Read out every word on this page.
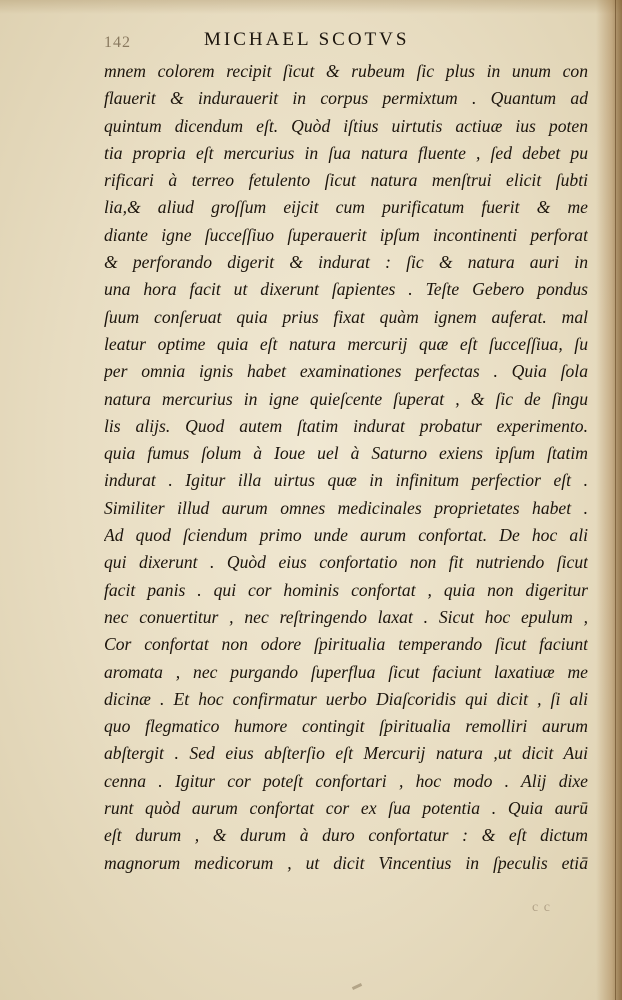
142	MICHAEL SCOTVS
mnem colorem recipit ſicut & rubeum ſic plus in unum con
flauerit & indurauerit in corpus permixtum . Quantum ad
quintum dicendum eſt. Quòd iſtius uirtutis actiuæ ius poten
tia propria eſt mercurius in ſua natura fluente , ſed debet pu
rificari à terreo fetulento ſicut natura menſtrui elicit ſubti
lia,& aliud groſſum eijcit cum purificatum fuerit & me
diante igne ſucceſſiuo ſuperauerit ipſum incontinenti perforat
& perforando digerit & indurat : ſic & natura auri in
una hora facit ut dixerunt ſapientes . Teſte Gebero pondus
ſuum conſeruat quia prius fixat quàm ignem auferat. mal
leatur optime quia eſt natura mercurij quæ eſt ſucceſſiua, ſu
per omnia ignis habet examinationes perfectas . Quia ſola
natura mercurius in igne quieſcente ſuperat , & ſic de ſingu
lis alijs. Quod autem ſtatim indurat probatur experimento.
quia fumus ſolum à Ioue uel à Saturno exiens ipſum ſtatim
indurat . Igitur illa uirtus quæ in infinitum perfectior eſt .
Similiter illud aurum omnes medicinales proprietates habet .
Ad quod ſciendum primo unde aurum confortat. De hoc ali
qui dixerunt . Quòd eius confortatio non fit nutriendo ſicut
facit panis . qui cor hominis confortat , quia non digeritur
nec conuertitur , nec reſtringendo laxat . Sicut hoc epulum ,
Cor confortat non odore ſpiritualia temperando ſicut faciunt
aromata , nec purgando ſuperflua ſicut faciunt laxatiuæ me
dicinæ . Et hoc confirmatur uerbo Diaſcoridis qui dicit , ſi ali
quo flegmatico humore contingit ſpiritualia remolliri aurum
abſtergit . Sed eius abſterſio eſt Mercurij natura ,ut dicit Aui
cenna . Igitur cor poteſt confortari , hoc modo . Alij dixe
runt quòd aurum confortat cor ex ſua potentia . Quia aurū
eſt durum , & durum à duro confortatur : & eſt dictum
magnorum medicorum , ut dicit Vincentius in ſpeculis etiā
c c
